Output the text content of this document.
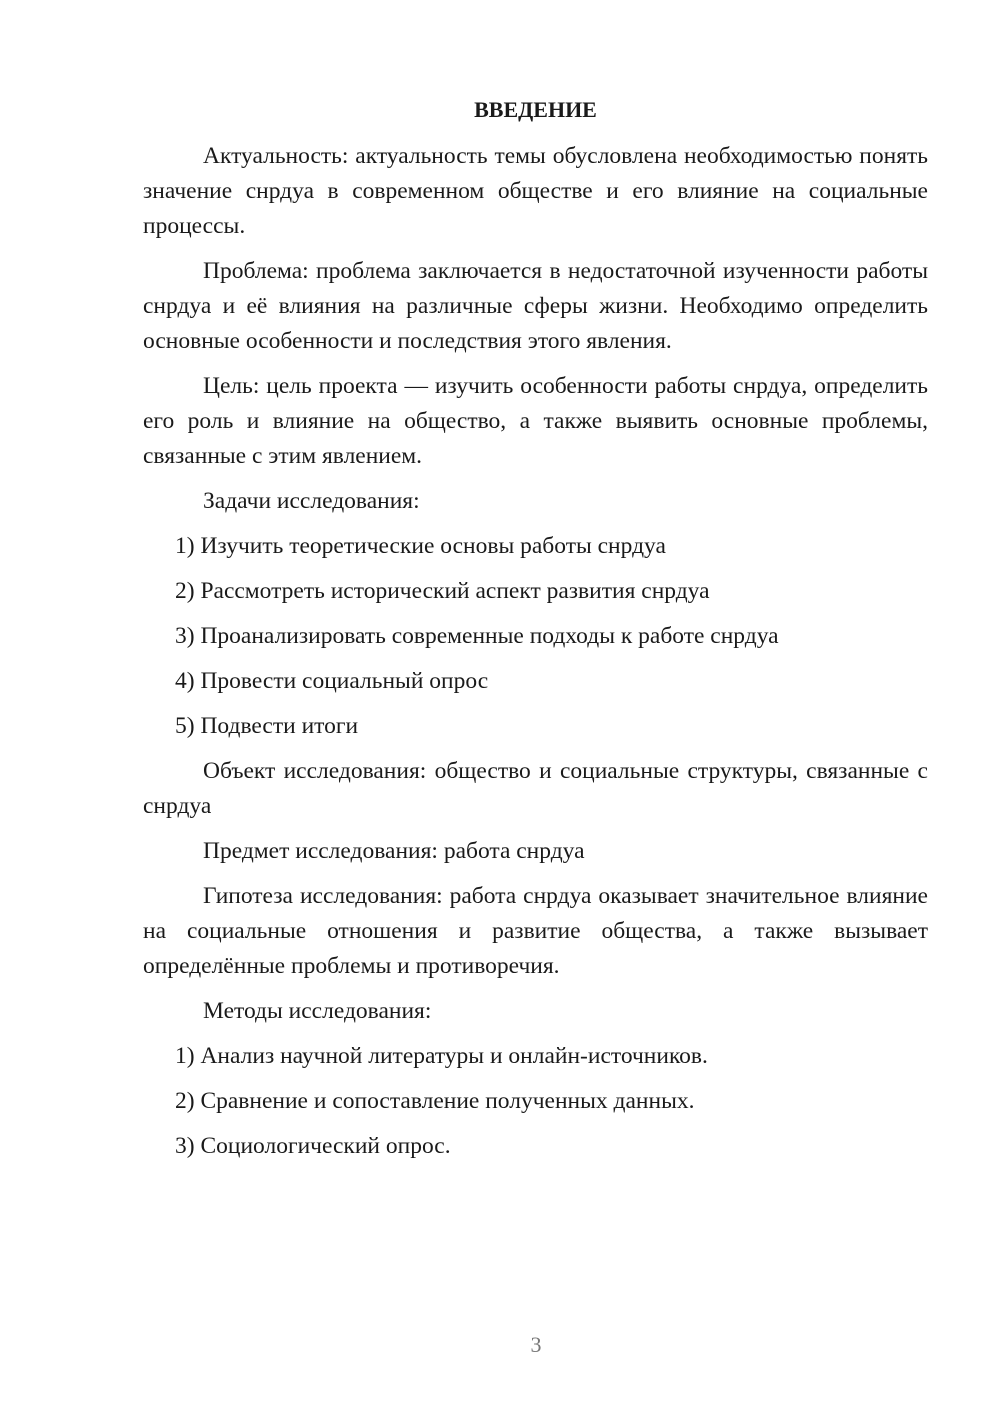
ВВЕДЕНИЕ

Актуальность: актуальность темы обусловлена необходимостью понять значение снрдуа в современном обществе и его влияние на социальные процессы.

Проблема: проблема заключается в недостаточной изученности работы снрдуа и её влияния на различные сферы жизни. Необходимо определить основные особенности и последствия этого явления.

Цель: цель проекта — изучить особенности работы снрдуа, определить его роль и влияние на общество, а также выявить основные проблемы, связанные с этим явлением.

Задачи исследования:

1) Изучить теоретические основы работы снрдуа

2) Рассмотреть исторический аспект развития снрдуа

3) Проанализировать современные подходы к работе снрдуа

4) Провести социальный опрос

5) Подвести итоги

Объект исследования: общество и социальные структуры, связанные с снрдуа

Предмет исследования: работа снрдуа

Гипотеза исследования: работа снрдуа оказывает значительное влияние на социальные отношения и развитие общества, а также вызывает определённые проблемы и противоречия.

Методы исследования:

1) Анализ научной литературы и онлайн-источников.

2) Сравнение и сопоставление полученных данных.

3) Социологический опрос.

3
